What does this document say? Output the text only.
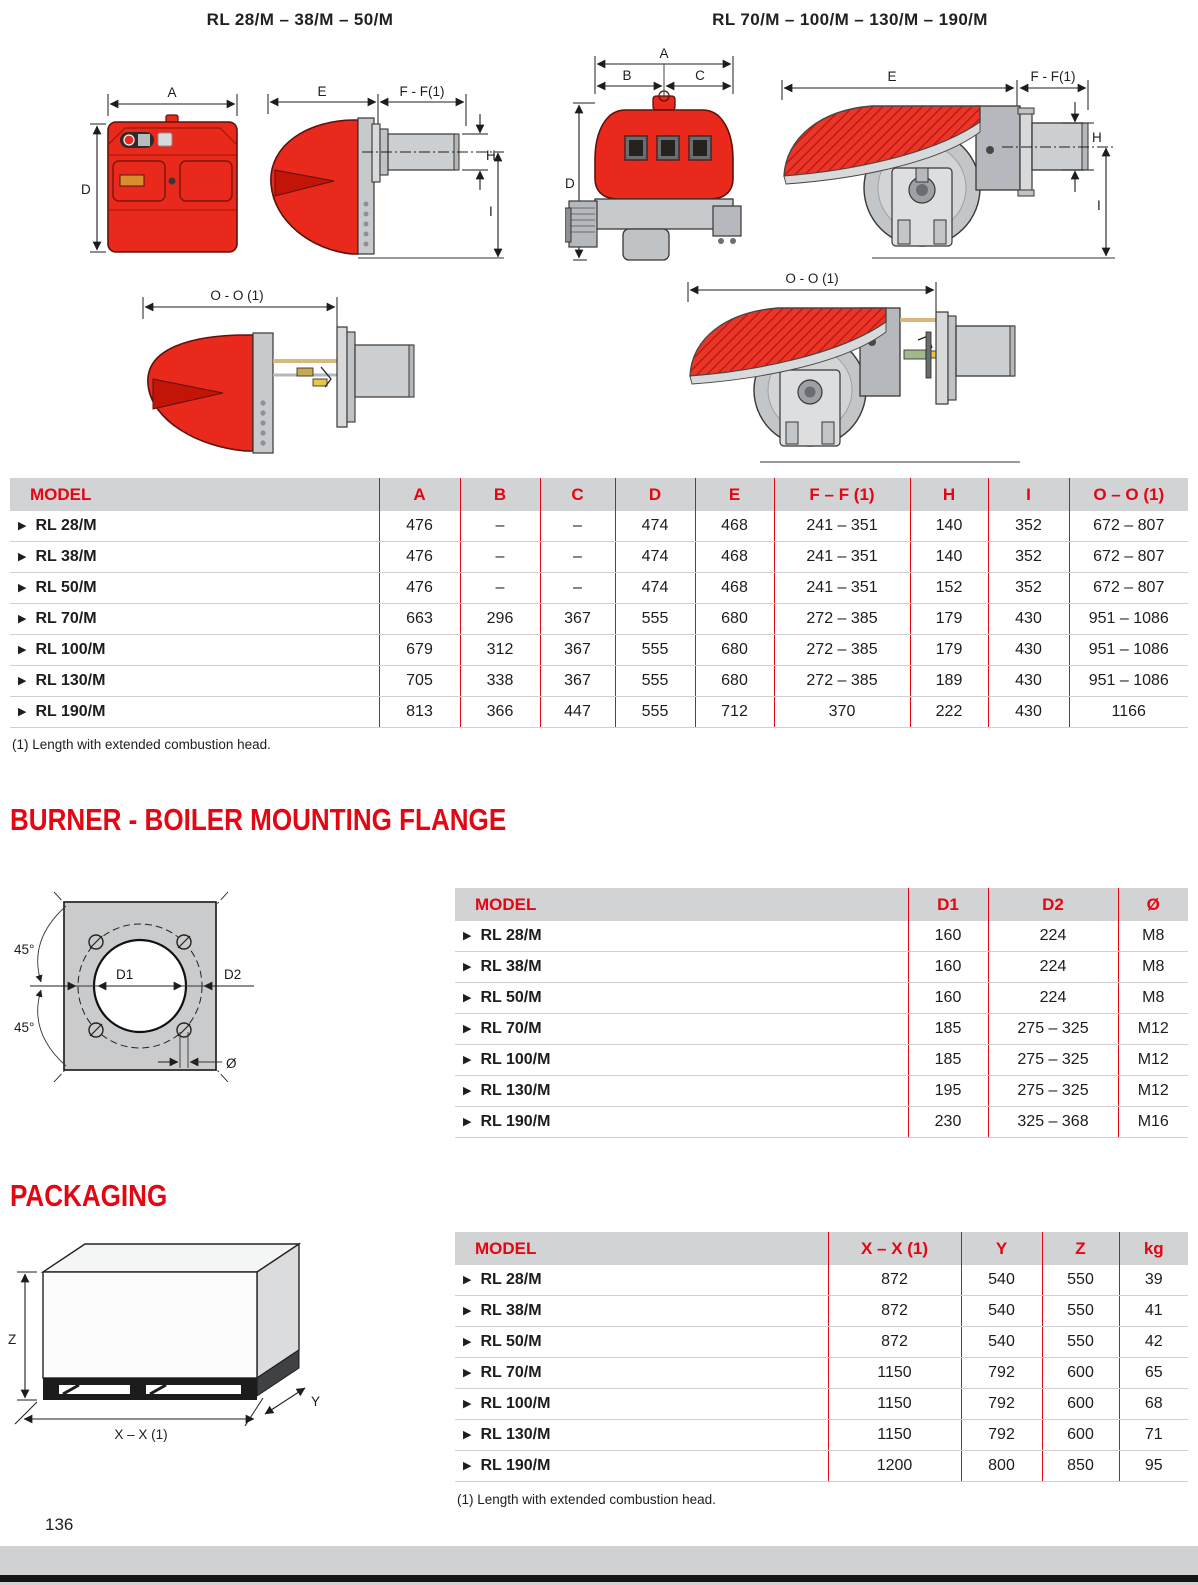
RL 28/M – 38/M – 50/M	RL 70/M – 100/M – 130/M – 190/M
A
D
E	F - F(1)
H
I
O - O (1)
A
B	C
D
E	F - F(1)
H
I
O - O (1)
MODEL	A	B	C	D	E	F – F (1)	H	I	O – O (1)
▶ RL 28/M	476	–	–	474	468	241 – 351	140	352	672 – 807
▶ RL 38/M	476	–	–	474	468	241 – 351	140	352	672 – 807
▶ RL 50/M	476	–	–	474	468	241 – 351	152	352	672 – 807
▶ RL 70/M	663	296	367	555	680	272 – 385	179	430	951 – 1086
▶ RL 100/M	679	312	367	555	680	272 – 385	179	430	951 – 1086
▶ RL 130/M	705	338	367	555	680	272 – 385	189	430	951 – 1086
▶ RL 190/M	813	366	447	555	712	370	222	430	1166
(1) Length with extended combustion head.
BURNER - BOILER MOUNTING FLANGE
D1	D2
45°
45°
Ø
MODEL	D1	D2	Ø
▶ RL 28/M	160	224	M8
▶ RL 38/M	160	224	M8
▶ RL 50/M	160	224	M8
▶ RL 70/M	185	275 – 325	M12
▶ RL 100/M	185	275 – 325	M12
▶ RL 130/M	195	275 – 325	M12
▶ RL 190/M	230	325 – 368	M16
PACKAGING
Z
X – X (1)
Y
MODEL	X – X (1)	Y	Z	kg
▶ RL 28/M	872	540	550	39
▶ RL 38/M	872	540	550	41
▶ RL 50/M	872	540	550	42
▶ RL 70/M	1150	792	600	65
▶ RL 100/M	1150	792	600	68
▶ RL 130/M	1150	792	600	71
▶ RL 190/M	1200	800	850	95
(1) Length with extended combustion head.
136
